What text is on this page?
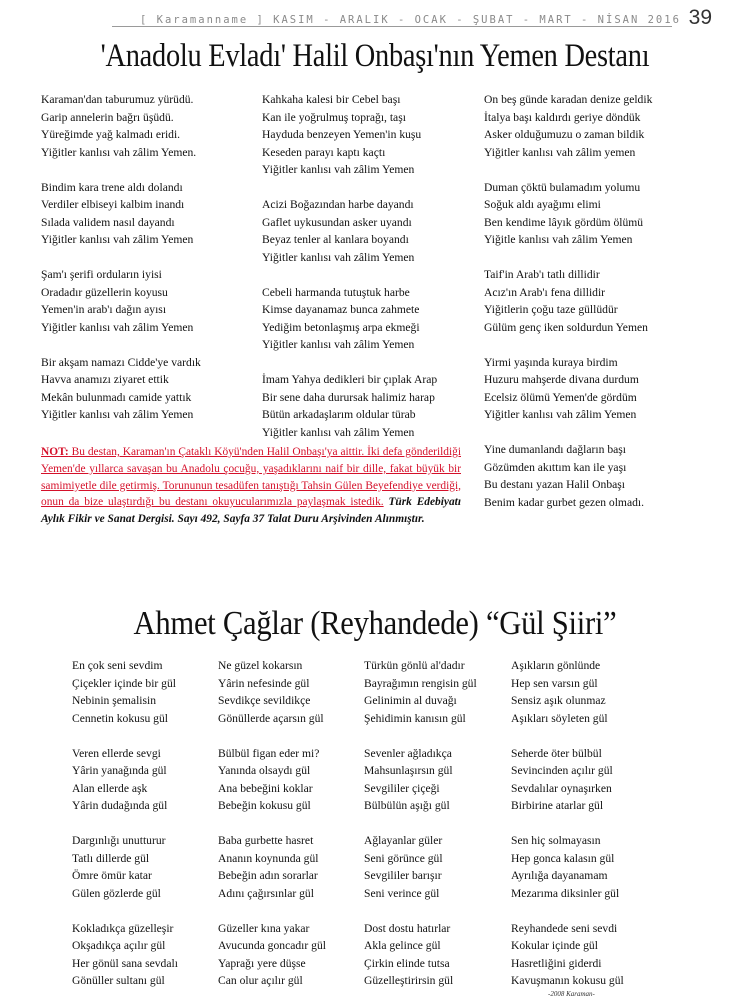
[ Karamanname ] KASIM - ARALIK - OCAK - ŞUBAT - MART - NİSAN 2016 39
'Anadolu Evladı' Halil Onbaşı'nın Yemen Destanı
Karaman'dan taburumuz yürüdü.
Garip annelerin bağrı üşüdü.
Yüreğimde yağ kalmadı eridi.
Yiğitler kanlısı vah zâlim Yemen.
Bindim kara trene aldı dolandı
Verdiler elbiseyi kalbim inandı
Sılada validem nasıl dayandı
Yiğitler kanlısı vah zâlim Yemen
Şam'ı şerifi orduların iyisi
Oradadır güzellerin koyusu
Yemen'in arab'ı dağın ayısı
Yiğitler kanlısı vah zâlim Yemen
Bir akşam namazı Cidde'ye vardık
Havva anamızı ziyaret ettik
Mekân bulunmadı camide yattık
Yiğitler kanlısı vah zâlim Yemen
Kahkaha kalesi bir Cebel başı
Kan ile yoğrulmuş toprağı, taşı
Hayduda benzeyen Yemen'in kuşu
Keseden parayı kaptı kaçtı
Yiğitler kanlısı vah zâlim Yemen
Acizi Boğazından harbe dayandı
Gaflet uykusundan asker uyandı
Beyaz tenler al kanlara boyandı
Yiğitler kanlısı vah zâlim Yemen
Cebeli harmanda tutuştuk harbe
Kimse dayanamaz bunca zahmete
Yediğim betonlaşmış arpa ekmeği
Yiğitler kanlısı vah zâlim Yemen
İmam Yahya dedikleri bir çıplak Arap
Bir sene daha durursak halimiz harap
Bütün arkadaşlarım oldular türab
Yiğitler kanlısı vah zâlim Yemen
On beş günde karadan denize geldik
İtalya başı kaldırdı geriye döndük
Asker olduğumuzu o zaman bildik
Yiğitler kanlısı vah zâlim yemen
Duman çöktü bulamadım yolumu
Soğuk aldı ayağımı elimi
Ben kendime lâyık gördüm ölümü
Yiğitle kanlısı vah zâlim Yemen
Taif'in Arab'ı tatlı dillidir
Acız'ın Arab'ı fena dillidir
Yiğitlerin çoğu taze güllüdür
Gülüm genç iken soldurdun Yemen
Yirmi yaşında kuraya birdim
Huzuru mahşerde divana durdum
Ecelsiz ölümü Yemen'de gördüm
Yiğitler kanlısı vah zâlim Yemen
Yine dumanlandı dağların başı
Gözümden akıttım kan ile yaşı
Bu destanı yazan Halil Onbaşı
Benim kadar gurbet gezen olmadı.
NOT: Bu destan, Karaman'ın Çataklı Köyü'nden Halil Onbaşı'ya aittir. İki defa gönderildiği Yemen'de yıllarca savaşan bu Anadolu çocuğu, yaşadıklarını naif bir dille, fakat büyük bir samimiyetle dile getirmiş. Torununun tesadüfen tanıştığı Tahsin Gülen Beyefendiye verdiği, onun da bize ulaştırdığı bu destanı okuyucularımızla paylaşmak istedik. Türk Edebiyatı Aylık Fikir ve Sanat Dergisi. Sayı 492, Sayfa 37 Talat Duru Arşivinden Alınmıştır.
Ahmet Çağlar (Reyhandede) “Gül Şiiri”
En çok seni sevdim
Çiçekler içinde bir gül
Nebinin şemalisin
Cennetin kokusu gül
Veren ellerde sevgi
Yârin yanağında gül
Alan ellerde aşk
Yârin dudağında gül
Dargınlığı unutturur
Tatlı dillerde gül
Ömre ömür katar
Gülen gözlerde gül
Kokladıkça güzelleşir
Okşadıkça açılır gül
Her gönül sana sevdalı
Gönüller sultanı gül
Ne güzel kokarsın
Yârin nefesinde gül
Sevdikçe sevildikçe
Gönüllerde açarsın gül
Bülbül figan eder mi?
Yanında olsaydı gül
Ana bebeğini koklar
Bebeğin kokusu gül
Baba gurbette hasret
Ananın koynunda gül
Bebeğin adın sorarlar
Adını çağırsınlar gül
Güzeller kına yakar
Avucunda goncadır gül
Yaprağı yere düşse
Can olur açılır gül
Türkün gönlü al'dadır
Bayrağımın rengisin gül
Gelinimin al duvağı
Şehidimin kanısın gül
Sevenler ağladıkça
Mahsunlaşırsın gül
Sevgililer çiçeği
Bülbülün aşığı gül
Ağlayanlar güler
Seni görünce gül
Sevgililer barışır
Seni verince gül
Dost dostu hatırlar
Akla gelince gül
Çirkin elinde tutsa
Güzelleştirirsin gül
Aşıkların gönlünde
Hep sen varsın gül
Sensiz aşık olunmaz
Aşıkları söyleten gül
Seherde öter bülbül
Sevincinden açılır gül
Sevdalılar oynaşırken
Birbirine atarlar gül
Sen hiç solmayasın
Hep gonca kalasın gül
Ayrılığa dayanamam
Mezarıma diksinler gül
Reyhandede seni sevdi
Kokular içinde gül
Hasretliğini giderdi
Kavuşmanın kokusu gül
-2008 Karaman-
